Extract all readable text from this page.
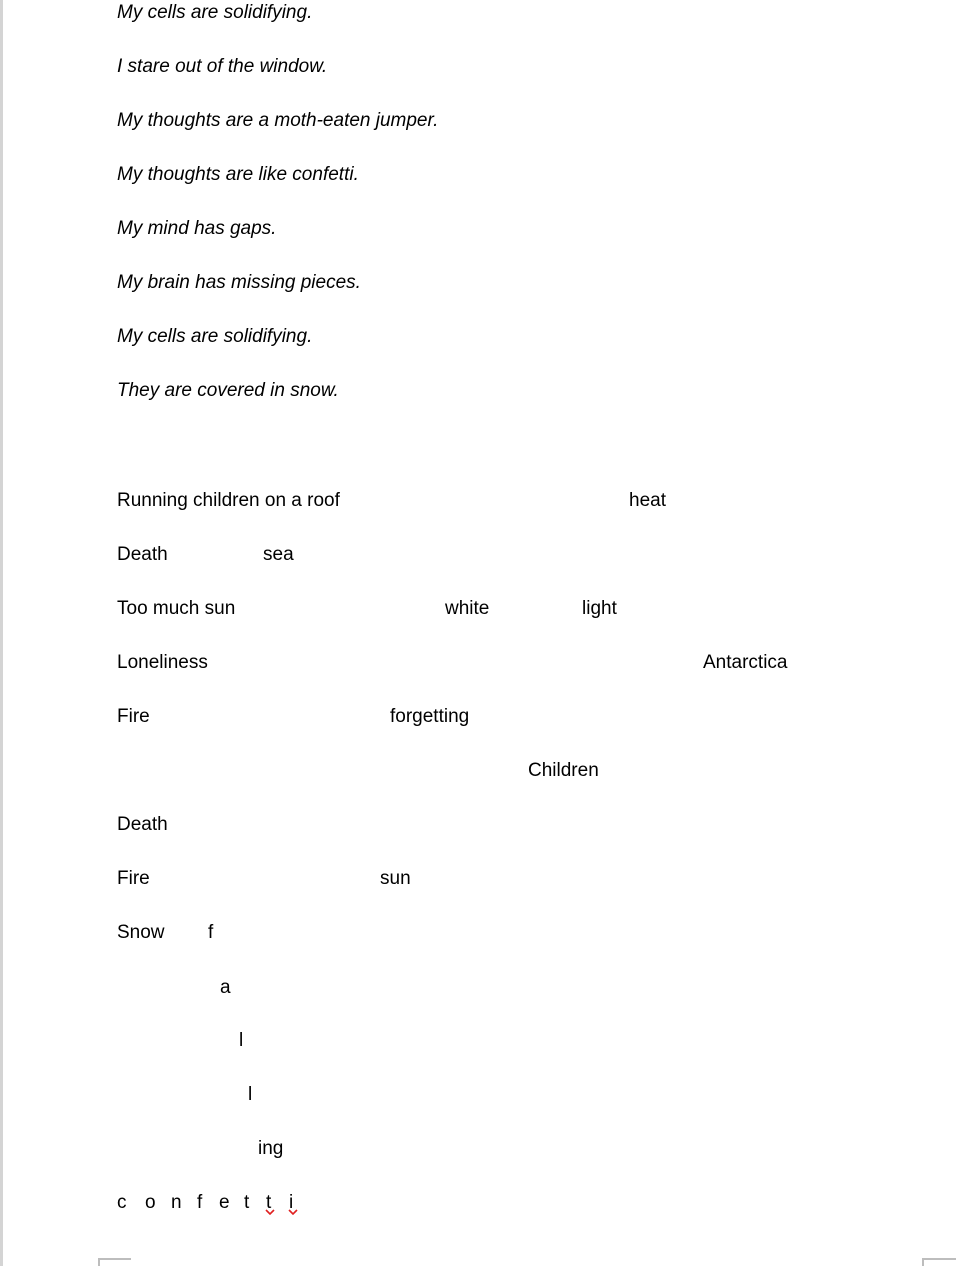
My cells are solidifying.
I stare out of the window.
My thoughts are a moth-eaten jumper.
My thoughts are like confetti.
My mind has gaps.
My brain has missing pieces.
My cells are solidifying.
They are covered in snow.
Running children on a roof	heat
Death	sea
Too much sun	white	light
Loneliness	Antarctica
Fire	forgetting
Children
Death
Fire	sun
Snow f
a
l
l
ing
c o n f e t t i
